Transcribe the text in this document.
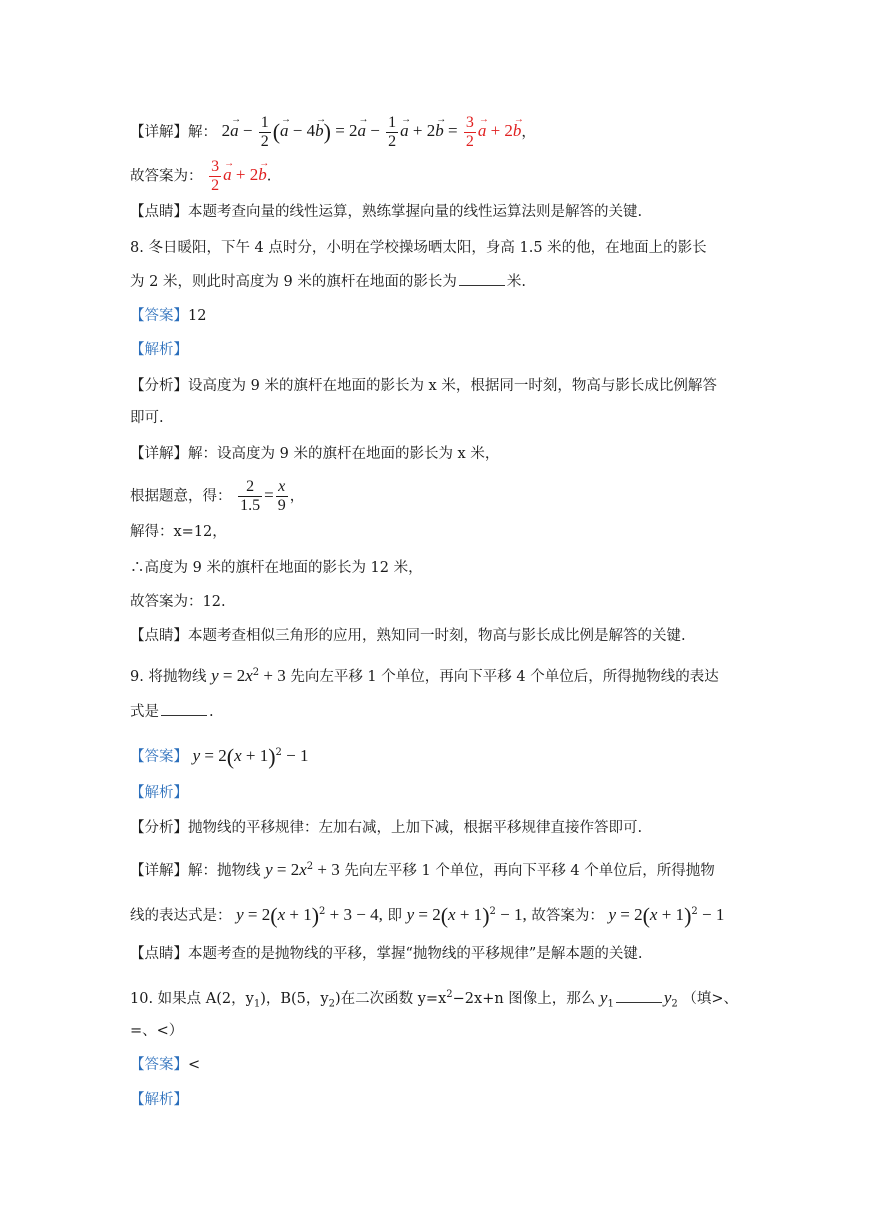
【详解】解： $2\to a - \frac{1}{2}$ (→ $a - 4\to b) = 2\to a - \frac{1}{2}$
→ $a + 2\to b = \frac{3}{2}$
→ a + 2→ b，
故答案为： $\frac{3}{2}$
→ a + 2→ b.
【点睛】本题考查向量的线性运算，熟练掌握向量的线性运算法则是解答的关键.
8. 冬日暖阳，下午 4 点时分，小明在学校操场晒太阳，身高 1.5 米的他，在地面上的影长
为 2 米，则此时高度为 9 米的旗杆在地面的影长为	米.
【答案】12
【解析】
【分析】设高度为 9 米的旗杆在地面的影长为 x 米，根据同一时刻，物高与影长成比例解答
即可.
【详解】解：设高度为 9 米的旗杆在地面的影长为 x 米，
根据题意，得： $\frac{2}{1.5} = \frac{x}{9}$ ，
解得：x=12，
∴高度为 9 米的旗杆在地面的影长为 12 米，
故答案为：12.
【点睛】本题考查相似三角形的应用，熟知同一时刻，物高与影长成比例是解答的关键.
9. 将抛物线 $y = 2x^2 + 3$ 先向左平移 1 个单位，再向下平移 4 个单位后，所得抛物线的表达
式是	.
【答案】 $y = 2(x + 1)^2 - 1$
【解析】
【分析】抛物线的平移规律：左加右减，上加下减，根据平移规律直接作答即可.
【详解】解：抛物线 $y = 2x^2 + 3$ 先向左平移 1 个单位，再向下平移 4 个单位后，所得抛物
线的表达式是： $y = 2(x + 1)^2 + 3 - 4$, 即 $y = 2(x + 1)^2 - 1$, 故答案为： $y = 2(x + 1)^2 - 1$
【点睛】本题考查的是抛物线的平移，掌握“抛物线的平移规律”是解本题的关键.
10. 如果点 A(2，$y_1$)，B(5，$y_2$)在二次函数 $y=x^2-2x+n$ 图像上，那么 $y_1$	$y_2$ （填>、
=、<）
【答案】<
【解析】
